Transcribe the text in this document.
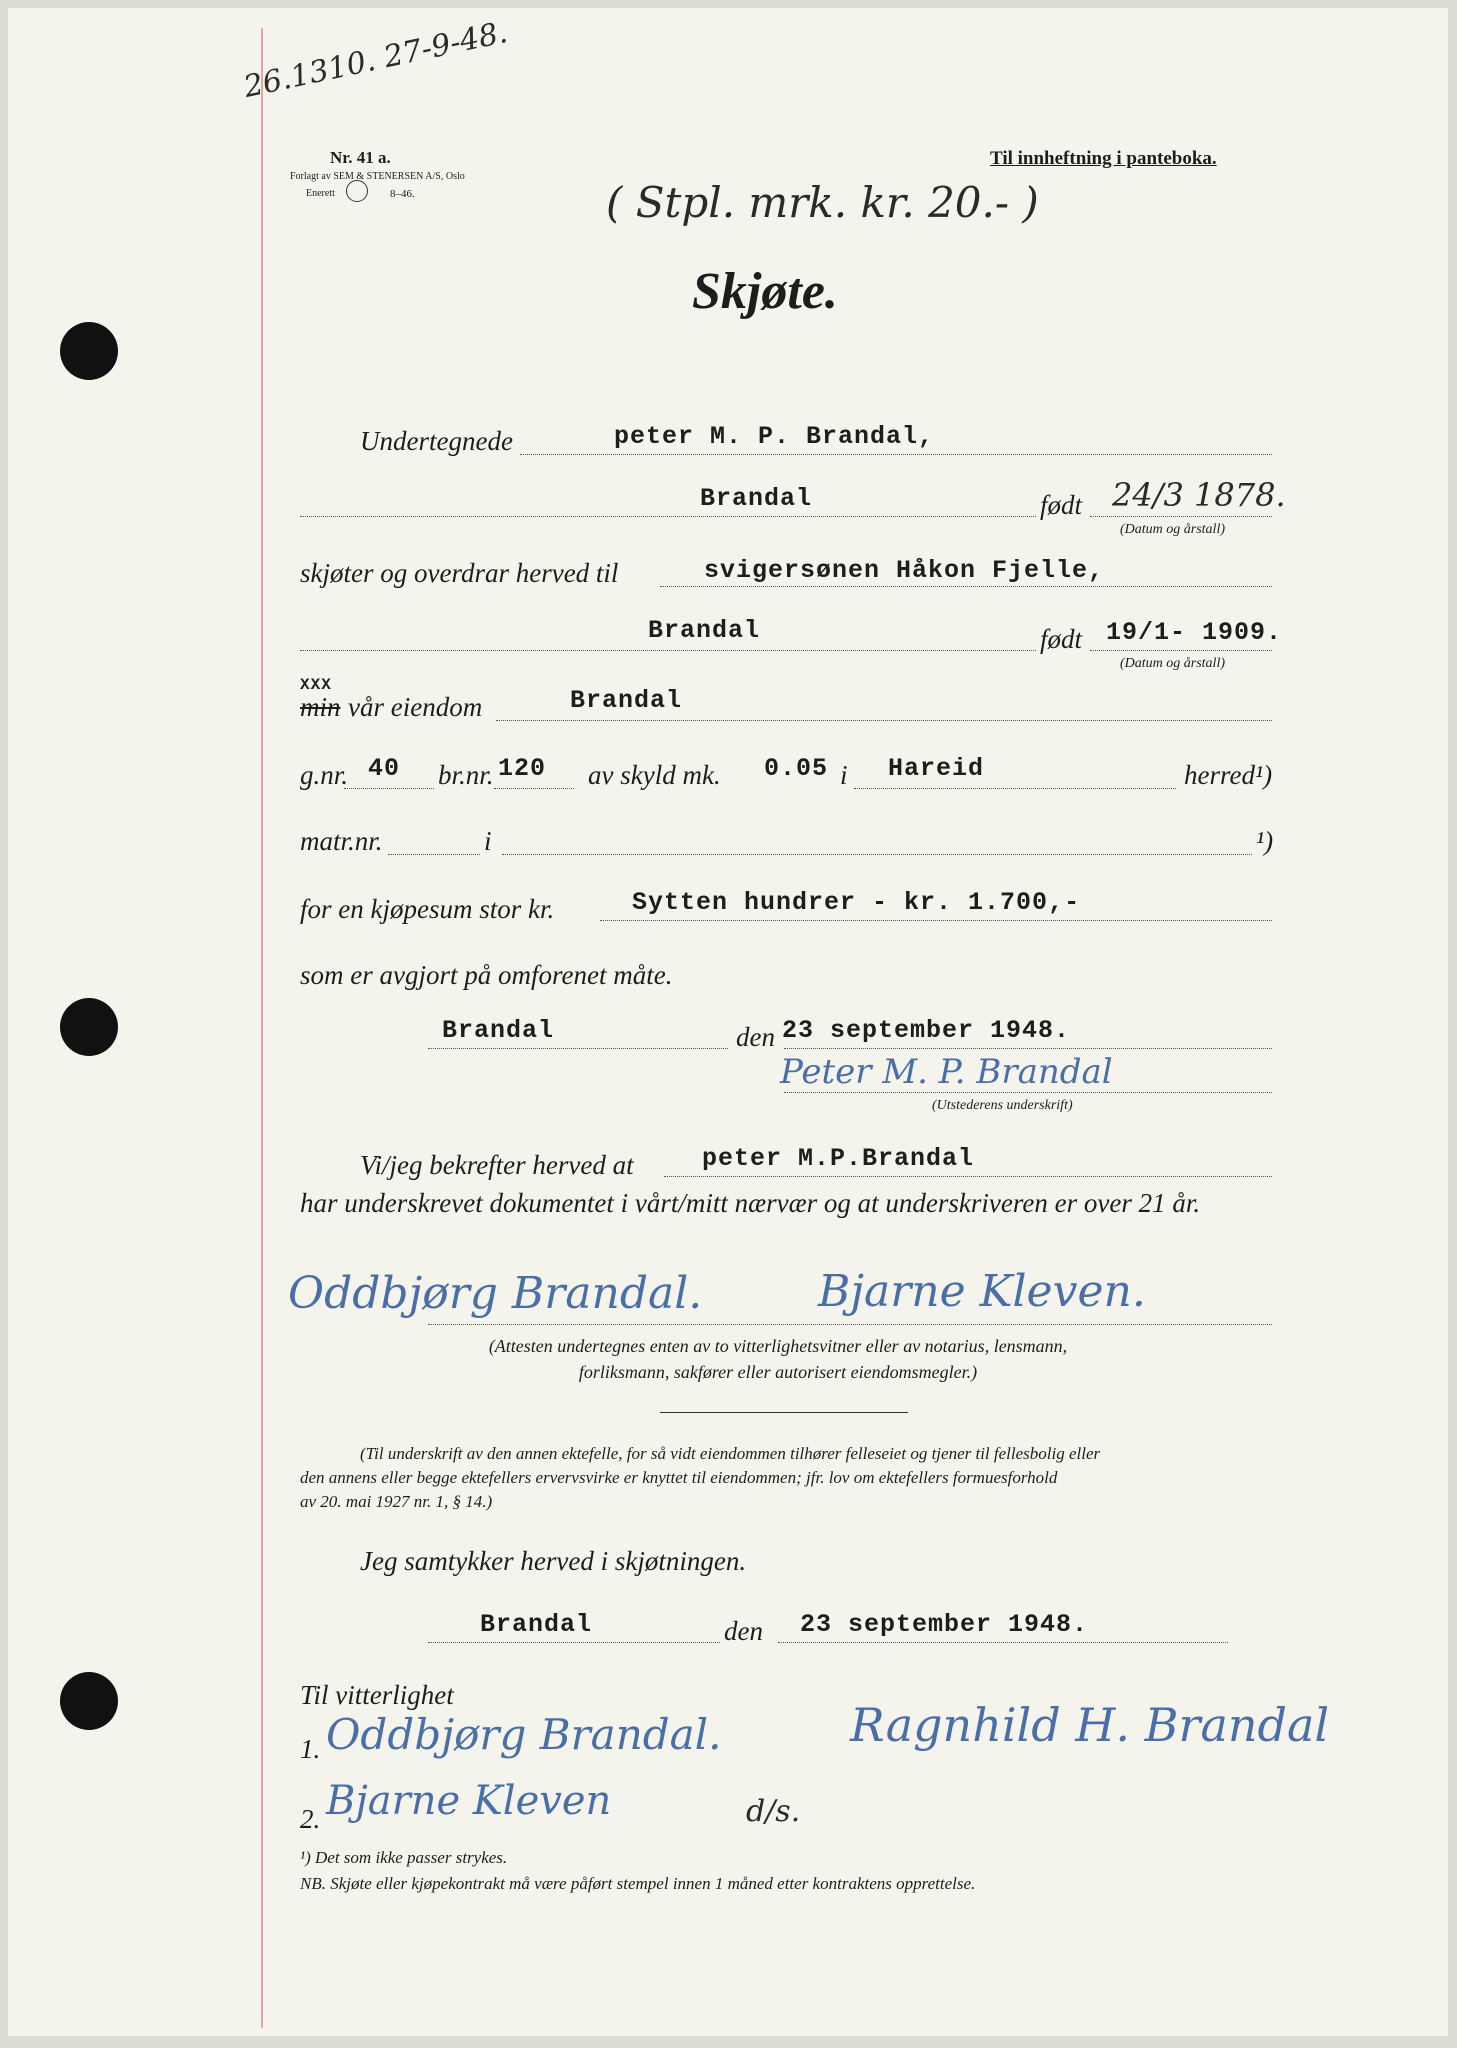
26.1310. 27-9-48.
Nr. 41 a.
Forlagt av SEM & STENERSEN A/S, Oslo
Enerett	8–46.	( Stpl. mrk. kr. 20.- )
Til innheftning i panteboka.
Skjøte.
Undertegnede	peter M. P. Brandal,
Brandal	født 24/3 1878.
(Datum og årstall)
skjøter og overdrar herved til	svigersønen Håkon Fjelle,
Brandal	født 19/1- 1909.
(Datum og årstall)
min
XXX
vår eiendom	Brandal
g.nr. 40 br.nr. 120 av skyld mk. 0.05 i Hareid	herred¹)
matr.nr.	i	¹)
for en kjøpesum stor kr.	Sytten hundrer - kr. 1.700,-
som er avgjort på omforenet måte.
Brandal	den 23 september 1948.
Peter M. P. Brandal
(Utstederens underskrift)
Vi/jeg bekrefter herved at	peter M.P.Brandal
har underskrevet dokumentet i vårt/mitt nærvær og at underskriveren er over 21 år.
Oddbjørg Brandal.	Bjarne Kleven.
(Attesten undertegnes enten av to vitterlighetsvitner eller av notarius, lensmann,
forliksmann, sakfører eller autorisert eiendomsmegler.)
(Til underskrift av den annen ektefelle, for så vidt eiendommen tilhører felleseiet og tjener til fellesbolig eller
den annens eller begge ektefellers ervervsvirke er knyttet til eiendommen; jfr. lov om ektefellers formuesforhold
av 20. mai 1927 nr. 1, § 14.)
Jeg samtykker herved i skjøtningen.
Brandal	den 23 september 1948.
Til vitterlighet
1. Oddbjørg Brandal.
2. Bjarne Kleven	d/s.
Ragnhild H. Brandal
¹) Det som ikke passer strykes.
NB. Skjøte eller kjøpekontrakt må være påført stempel innen 1 måned etter kontraktens opprettelse.
